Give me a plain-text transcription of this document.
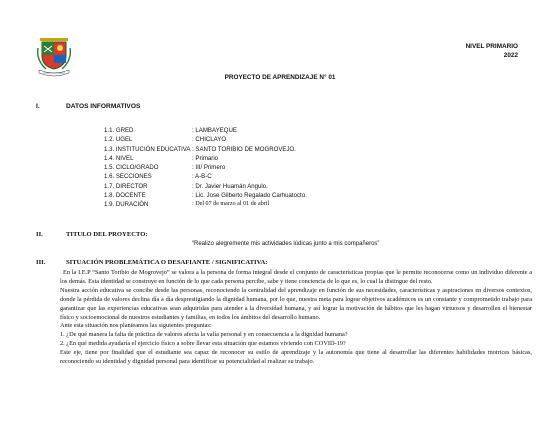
NIVEL PRIMARIO
2022
PROYECTO DE APRENDIZAJE N° 01
I.	DATOS INFORMATIVOS
1.1. GRED	: LAMBAYEQUE
1.2. UGEL	: CHICLAYO
1.3. INSTITUCIÓN EDUCATIVA : SANTO TORIBIO DE MOGROVEJO.
1.4. NIVEL	: Primario
1.5. CICLO/GRADO	: III/ Primero
1.6. SECCIONES	: A-B-C
1.7. DIRECTOR	: Dr. Javier Huamán Angulo.
1.8. DOCENTE	: Lic. Jose Gilberto Regalado Carhuatocto.
1.9. DURACIÓN	: Del 07 de marzo al 01 de abril
II.	TITULO DEL PROYECTO:
“Realizo alegremente mis actividades lúdicas junto a mis compañeros”
III.	SITUACIÓN PROBLEMÁTICA O DESAFIANTE / SIGNIFICATIVA:

En la I.E.P “Santo Toribio de Mogrovejo” se valora a la persona de forma integral desde el conjunto de características propias que le permite reconocerse como un individuo diferente a los demás. Esta identidad se construye en función de lo que cada persona percibe, sabe y tiene conciencia de lo que es, lo cual la distingue del resto.

Nuestra acción educativa se concibe desde las personas, reconociendo la centralidad del aprendizaje en función de sus necesidades, características y aspiraciones en diversos contextos, donde la pérdida de valores declina día a día desprestigiando la dignidad humana, por lo que, nuestra meta para lograr objetivos académicos es un constante y comprometido trabajo para garantizar que las experiencias educativas sean adquiridas para atender a la diversidad humana, y así lograr la motivación de hábitos que les hagan virtuosos y desarrollen el bienestar físico y socioemocional de nuestros estudiantes y familias, en todos los ámbitos del desarrollo humano.

Ante esta situación nos planteamos las siguientes preguntas:

1. ¿De qué manera la falta de práctica de valores afecta la valía personal y en consecuencia a la dignidad humana?

2. ¿En qué medida ayudaría el ejercicio físico a sobre llevar esta situación que estamos viviendo con COVID-19?

Este eje, tiene por finalidad que el estudiante sea capaz de reconocer su estilo de aprendizaje y la autonomía que tiene al desarrollar las diferentes habilidades motrices básicas, reconociendo su identidad y dignidad personal para identificar su potencialidad al realizar su trabajo.
